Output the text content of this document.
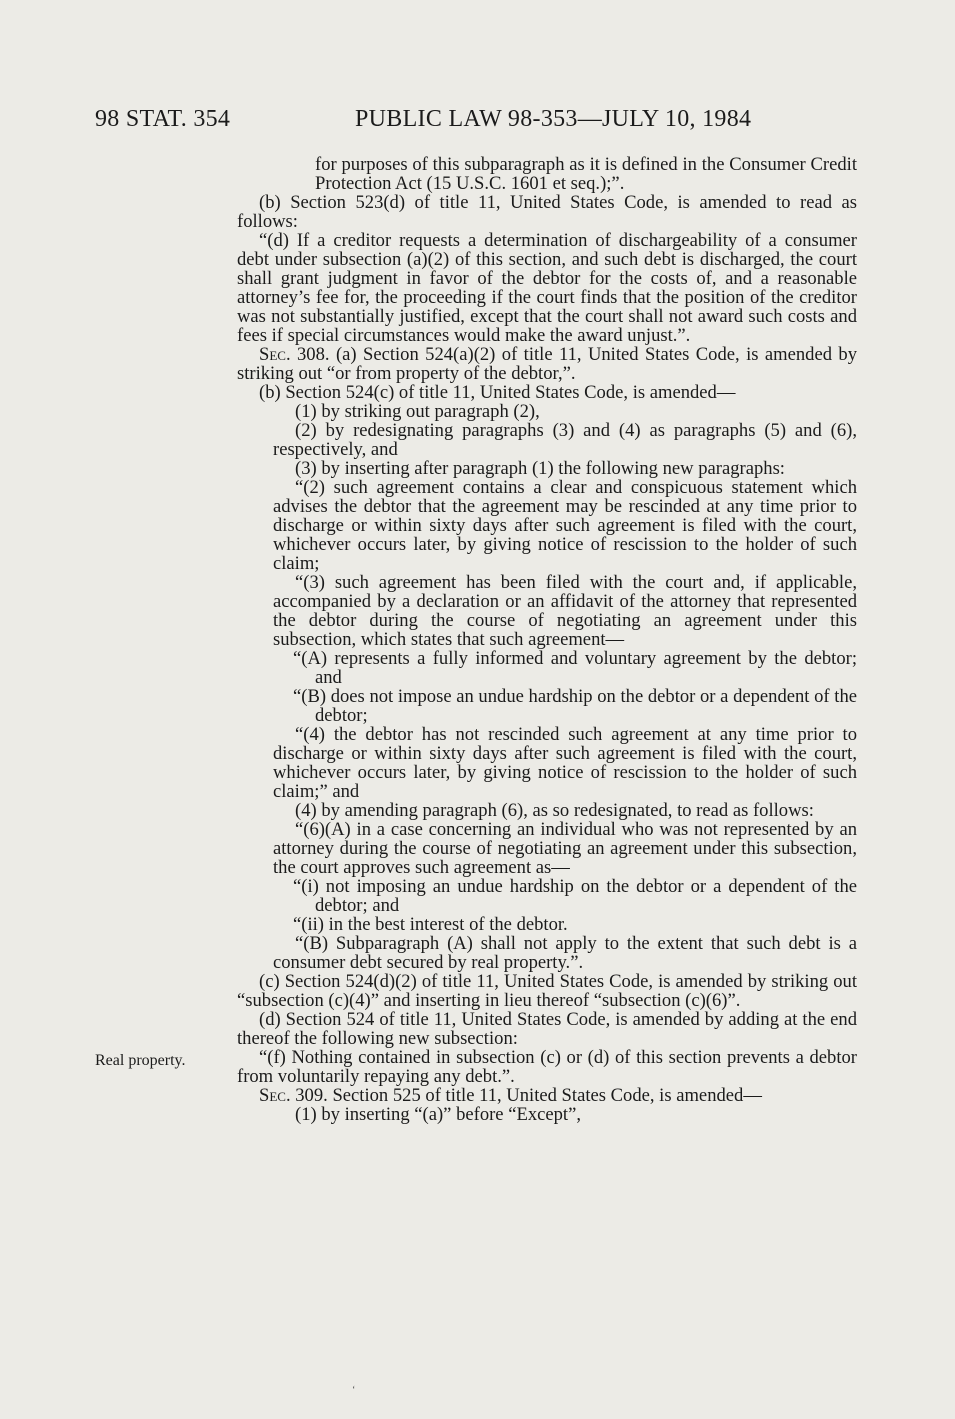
98 STAT. 354	PUBLIC LAW 98-353—JULY 10, 1984
Real property.

for purposes of this subparagraph as it is defined in the Consumer Credit Protection Act (15 U.S.C. 1601 et seq.);”.

(b) Section 523(d) of title 11, United States Code, is amended to read as follows:

“(d) If a creditor requests a determination of dischargeability of a consumer debt under subsection (a)(2) of this section, and such debt is discharged, the court shall grant judgment in favor of the debtor for the costs of, and a reasonable attorney’s fee for, the proceeding if the court finds that the position of the creditor was not substantially justified, except that the court shall not award such costs and fees if special circumstances would make the award unjust.”.

Sec. 308. (a) Section 524(a)(2) of title 11, United States Code, is amended by striking out “or from property of the debtor,”.

(b) Section 524(c) of title 11, United States Code, is amended—

(1) by striking out paragraph (2),

(2) by redesignating paragraphs (3) and (4) as paragraphs (5) and (6), respectively, and

(3) by inserting after paragraph (1) the following new paragraphs:

“(2) such agreement contains a clear and conspicuous statement which advises the debtor that the agreement may be rescinded at any time prior to discharge or within sixty days after such agreement is filed with the court, whichever occurs later, by giving notice of rescission to the holder of such claim;

“(3) such agreement has been filed with the court and, if applicable, accompanied by a declaration or an affidavit of the attorney that represented the debtor during the course of negotiating an agreement under this subsection, which states that such agreement—

“(A) represents a fully informed and voluntary agreement by the debtor; and

“(B) does not impose an undue hardship on the debtor or a dependent of the debtor;

“(4) the debtor has not rescinded such agreement at any time prior to discharge or within sixty days after such agreement is filed with the court, whichever occurs later, by giving notice of rescission to the holder of such claim;” and

(4) by amending paragraph (6), as so redesignated, to read as follows:

“(6)(A) in a case concerning an individual who was not represented by an attorney during the course of negotiating an agreement under this subsection, the court approves such agreement as—

“(i) not imposing an undue hardship on the debtor or a dependent of the debtor; and

“(ii) in the best interest of the debtor.

“(B) Subparagraph (A) shall not apply to the extent that such debt is a consumer debt secured by real property.”.

(c) Section 524(d)(2) of title 11, United States Code, is amended by striking out “subsection (c)(4)” and inserting in lieu thereof “subsection (c)(6)”.

(d) Section 524 of title 11, United States Code, is amended by adding at the end thereof the following new subsection:

“(f) Nothing contained in subsection (c) or (d) of this section prevents a debtor from voluntarily repaying any debt.”.

Sec. 309. Section 525 of title 11, United States Code, is amended—

(1) by inserting “(a)” before “Except”,

‘
